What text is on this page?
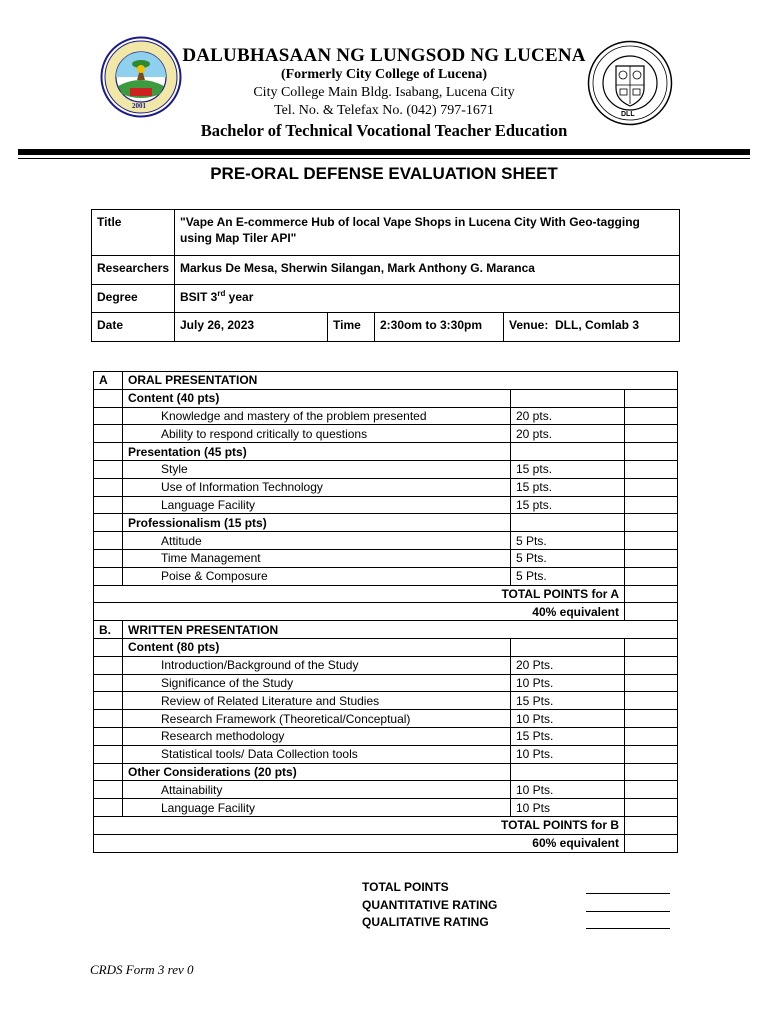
2001
DLL
DALUBHASAAN NG LUNGSOD NG LUCENA
(Formerly City College of Lucena)
City College Main Bldg. Isabang, Lucena City
Tel. No. & Telefax No. (042) 797-1671
Bachelor of Technical Vocational Teacher Education
PRE-ORAL DEFENSE EVALUATION SHEET
Title	"Vape An E-commerce Hub of local Vape Shops in Lucena City With Geo-tagging using Map Tiler API"			
Researchers	Markus De Mesa, Sherwin Silangan, Mark Anthony G. Maranca			
Degree	BSIT 3rd year			
Date	July 26, 2023	Time	2:30om to 3:30pm	Venue:  DLL, Comlab 3
A	ORAL PRESENTATION		
	Content (40 pts)		
	Knowledge and mastery of the problem presented	20 pts.	
	Ability to respond critically to questions	20 pts.	
	Presentation (45 pts)		
	Style	15 pts.	
	Use of Information Technology	15 pts.	
	Language Facility	15 pts.	
	Professionalism (15 pts)		
	Attitude	5 Pts.	
	Time Management	5 Pts.	
	Poise & Composure	5 Pts.	
TOTAL POINTS for A			
40% equivalent			
B.	WRITTEN PRESENTATION		
	Content (80 pts)		
	Introduction/Background of the Study	20 Pts.	
	Significance of the Study	10 Pts.	
	Review of Related Literature and Studies	15 Pts.	
	Research Framework (Theoretical/Conceptual)	10 Pts.	
	Research methodology	15 Pts.	
	Statistical tools/ Data Collection tools	10 Pts.	
	Other Considerations (20 pts)		
	Attainability	10 Pts.	
	Language Facility	10 Pts	
TOTAL POINTS for B			
60% equivalent			
TOTAL POINTS
QUANTITATIVE RATING
QUALITATIVE RATING
CRDS Form 3 rev 0
